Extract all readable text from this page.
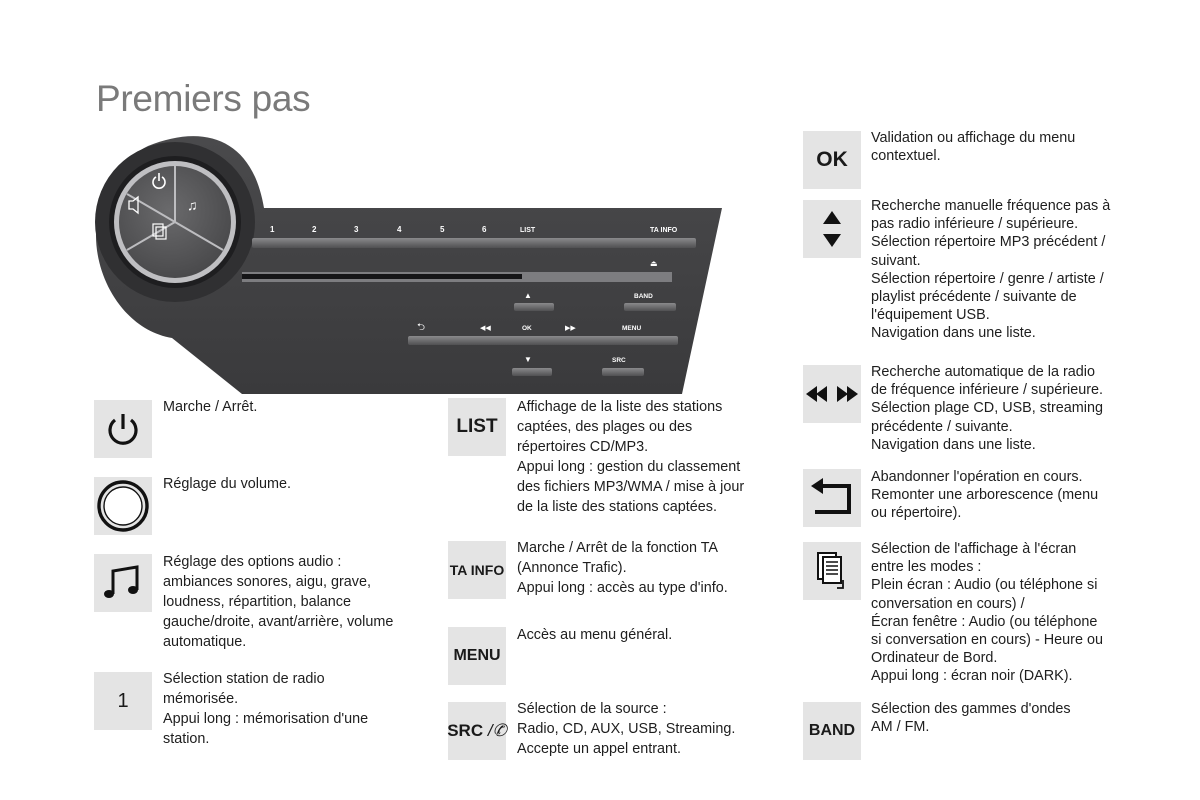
Premiers pas
♫
1	2	3	4	5	6	LIST	TA INFO
⏏
▲	BAND
⮌	◀◀	OK	▶▶	MENU
▼	SRC
Marche / Arrêt.
Réglage du volume.
Réglage des options audio :
ambiances sonores, aigu, grave,
loudness, répartition, balance
gauche/droite, avant/arrière, volume
automatique.
1
Sélection station de radio
mémorisée.
Appui long : mémorisation d'une
station.
LIST
Affichage de la liste des stations
captées, des plages ou des
répertoires CD/MP3.
Appui long : gestion du classement
des fichiers MP3/WMA / mise à jour
de la liste des stations captées.
TA INFO
Marche / Arrêt de la fonction TA
(Annonce Trafic).
Appui long : accès au type d'info.
MENU
Accès au menu général.
SRC /✆
Sélection de la source :
Radio, CD, AUX, USB, Streaming.
Accepte un appel entrant.
OK
Validation ou affichage du menu
contextuel.
Recherche manuelle fréquence pas à
pas radio inférieure / supérieure.
Sélection répertoire MP3 précédent /
suivant.
Sélection répertoire / genre / artiste /
playlist précédente / suivante de
l'équipement USB.
Navigation dans une liste.
Recherche automatique de la radio
de fréquence inférieure / supérieure.
Sélection plage CD, USB, streaming
précédente / suivante.
Navigation dans une liste.
Abandonner l'opération en cours.
Remonter une arborescence (menu
ou répertoire).
Sélection de l'affichage à l'écran
entre les modes :
Plein écran : Audio (ou téléphone si
conversation en cours) /
Écran fenêtre : Audio (ou téléphone
si conversation en cours) - Heure ou
Ordinateur de Bord.
Appui long : écran noir (DARK).
BAND
Sélection des gammes d'ondes
AM / FM.
